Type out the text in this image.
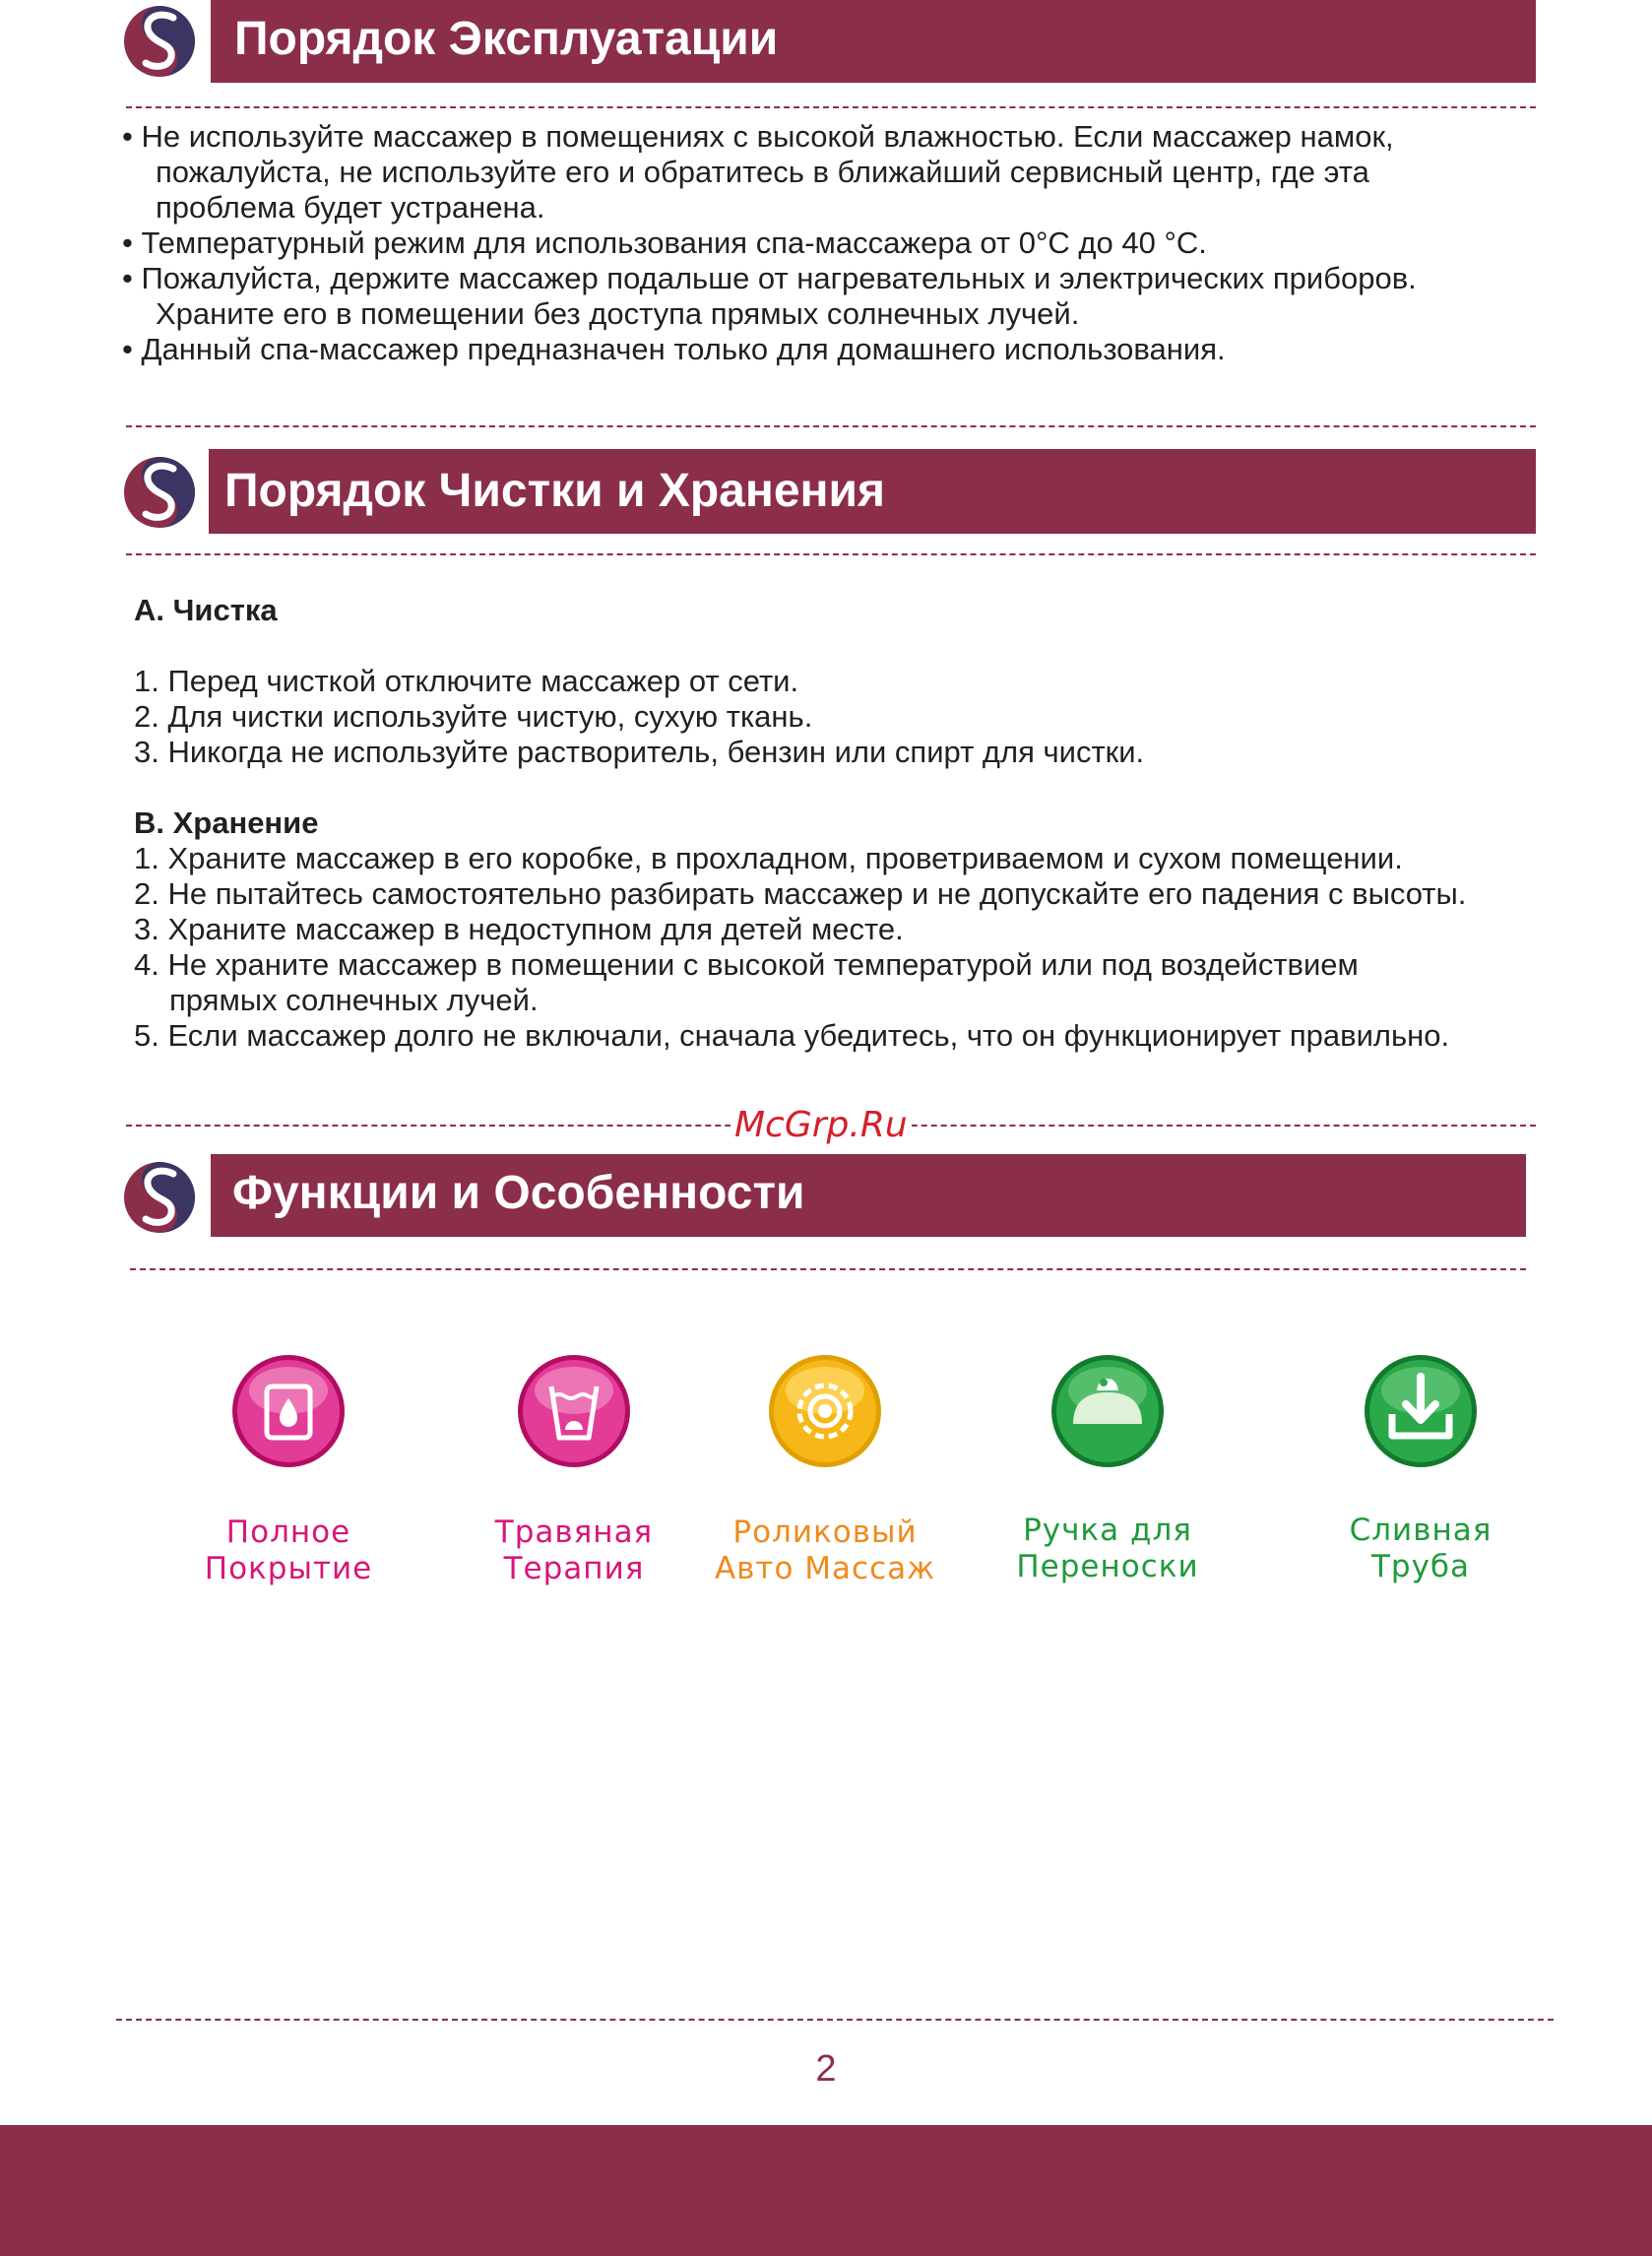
Порядок Эксплуатации

• Не используйте массажер в помещениях с высокой влажностью. Если массажер намок,

пожалуйста, не используйте его и обратитесь в ближайший сервисный центр, где эта

проблема будет устранена.

• Температурный режим для использования спа-массажера от 0°C до 40 °C.

• Пожалуйста, держите массажер подальше от нагревательных и электрических приборов.

Храните его в помещении без доступа прямых солнечных лучей.

• Данный спа-массажер предназначен только для домашнего использования.

Порядок Чистки и Хранения

A. Чистка

1. Перед чисткой отключите массажер от сети.

2. Для чистки используйте чистую, сухую ткань.

3. Никогда не используйте растворитель, бензин или спирт для чистки.

B. Хранение

1. Храните массажер в его коробке, в прохладном, проветриваемом и сухом помещении.

2. Не пытайтесь самостоятельно разбирать массажер и не допускайте его падения с высоты.

3. Храните массажер в недоступном для детей месте.

4. Не храните массажер в помещении с высокой температурой или под воздействием

прямых солнечных лучей.

5. Если массажер долго не включали, сначала убедитесь, что он функционирует правильно.

McGrp.Ru
Функции и Особенности
Полное
Покрытие
Травяная
Терапия
Роликовый
Авто Массаж
Ручка для
Переноски
Сливная
Труба
2
